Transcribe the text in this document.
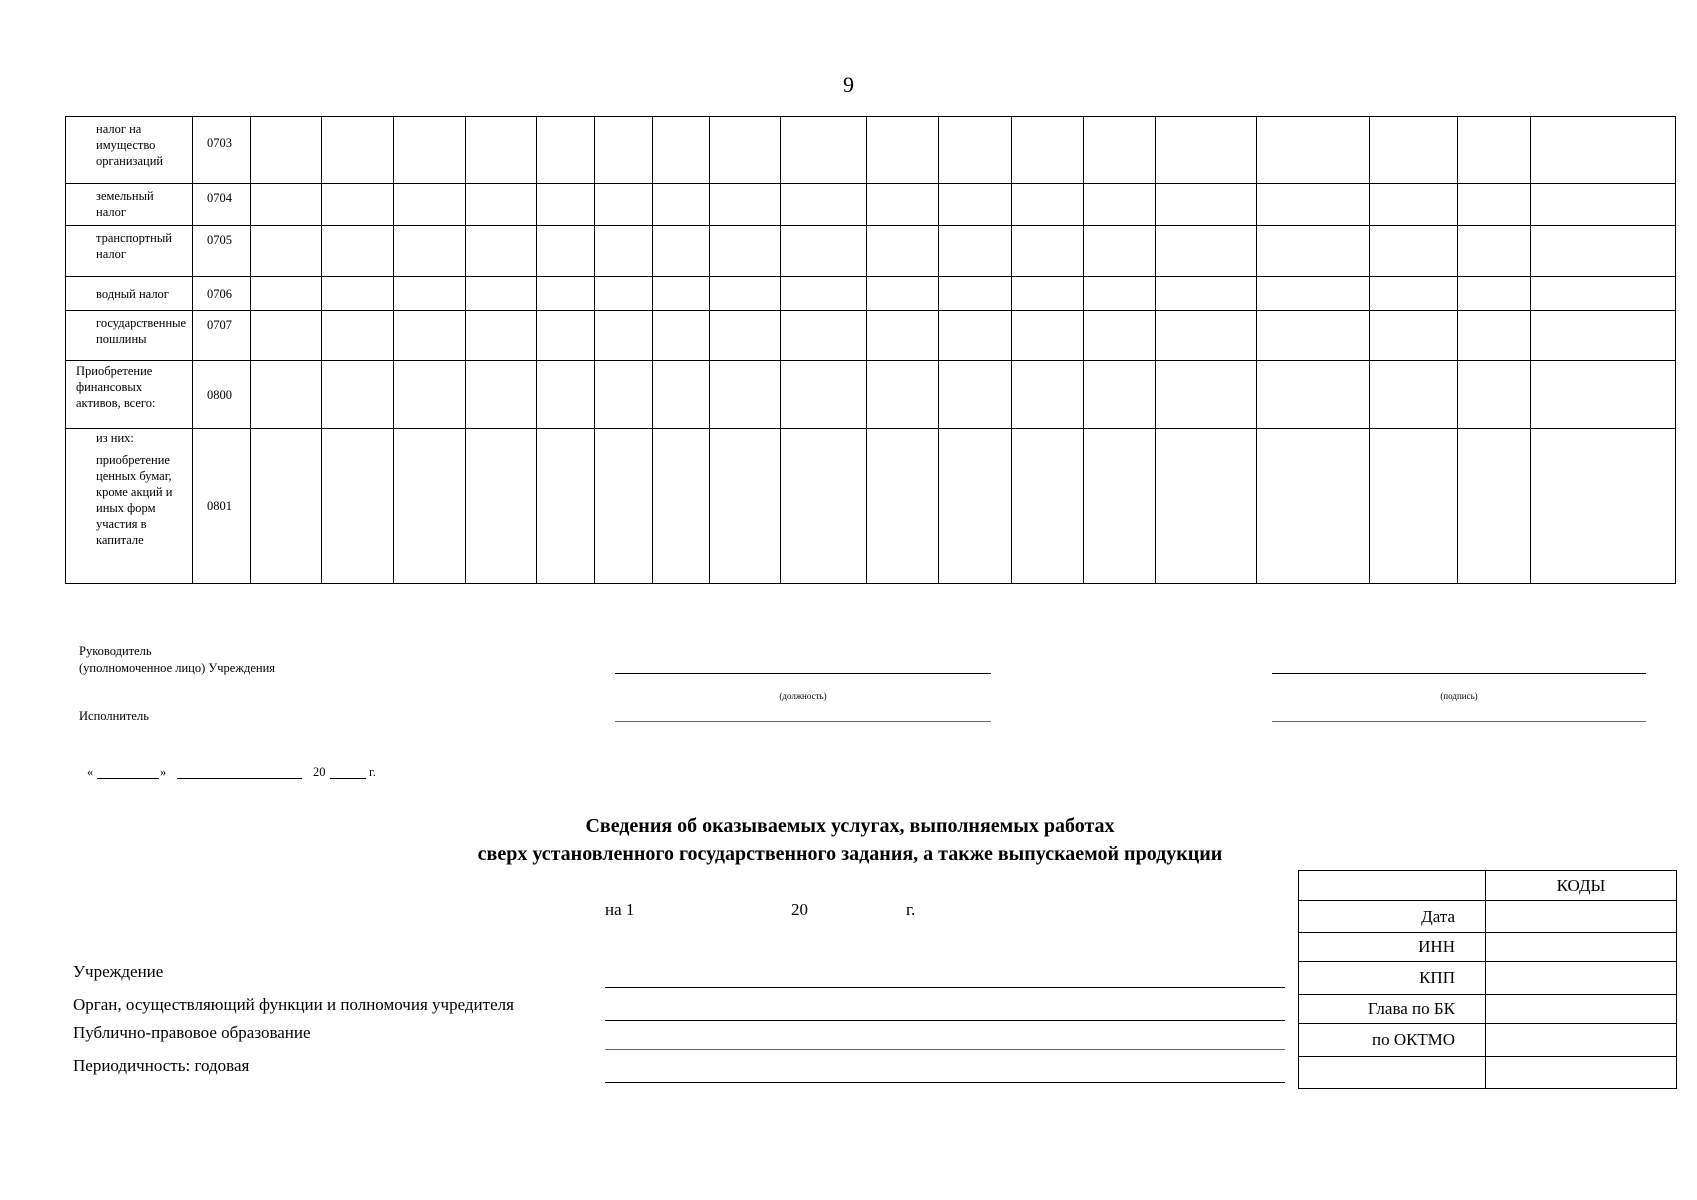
9
налог на имущество организаций	0703																		

земельный налог	0704																		

транспортный налог	0705																		

водный налог	0706																		

государственные пошлины	0707																		

Приобретение финансовых активов, всего:	0800																		

из них:
приобретение ценных бумаг, кроме акций и иных форм участия в капитале	0801																		

Руководитель
(уполномоченное лицо) Учреждения
(должность)	(подпись)
Исполнитель
«	»	20	г.
Сведения об оказываемых услугах, выполняемых работах
сверх установленного государственного задания, а также выпускаемой продукции
на 1	20	г.
Учреждение
Орган, осуществляющий функции и полномочия учредителя
Публично-правовое образование
Периодичность: годовая
	КОДЫ
Дата	
ИНН	
КПП	
Глава по БК	
по ОКТМО	
